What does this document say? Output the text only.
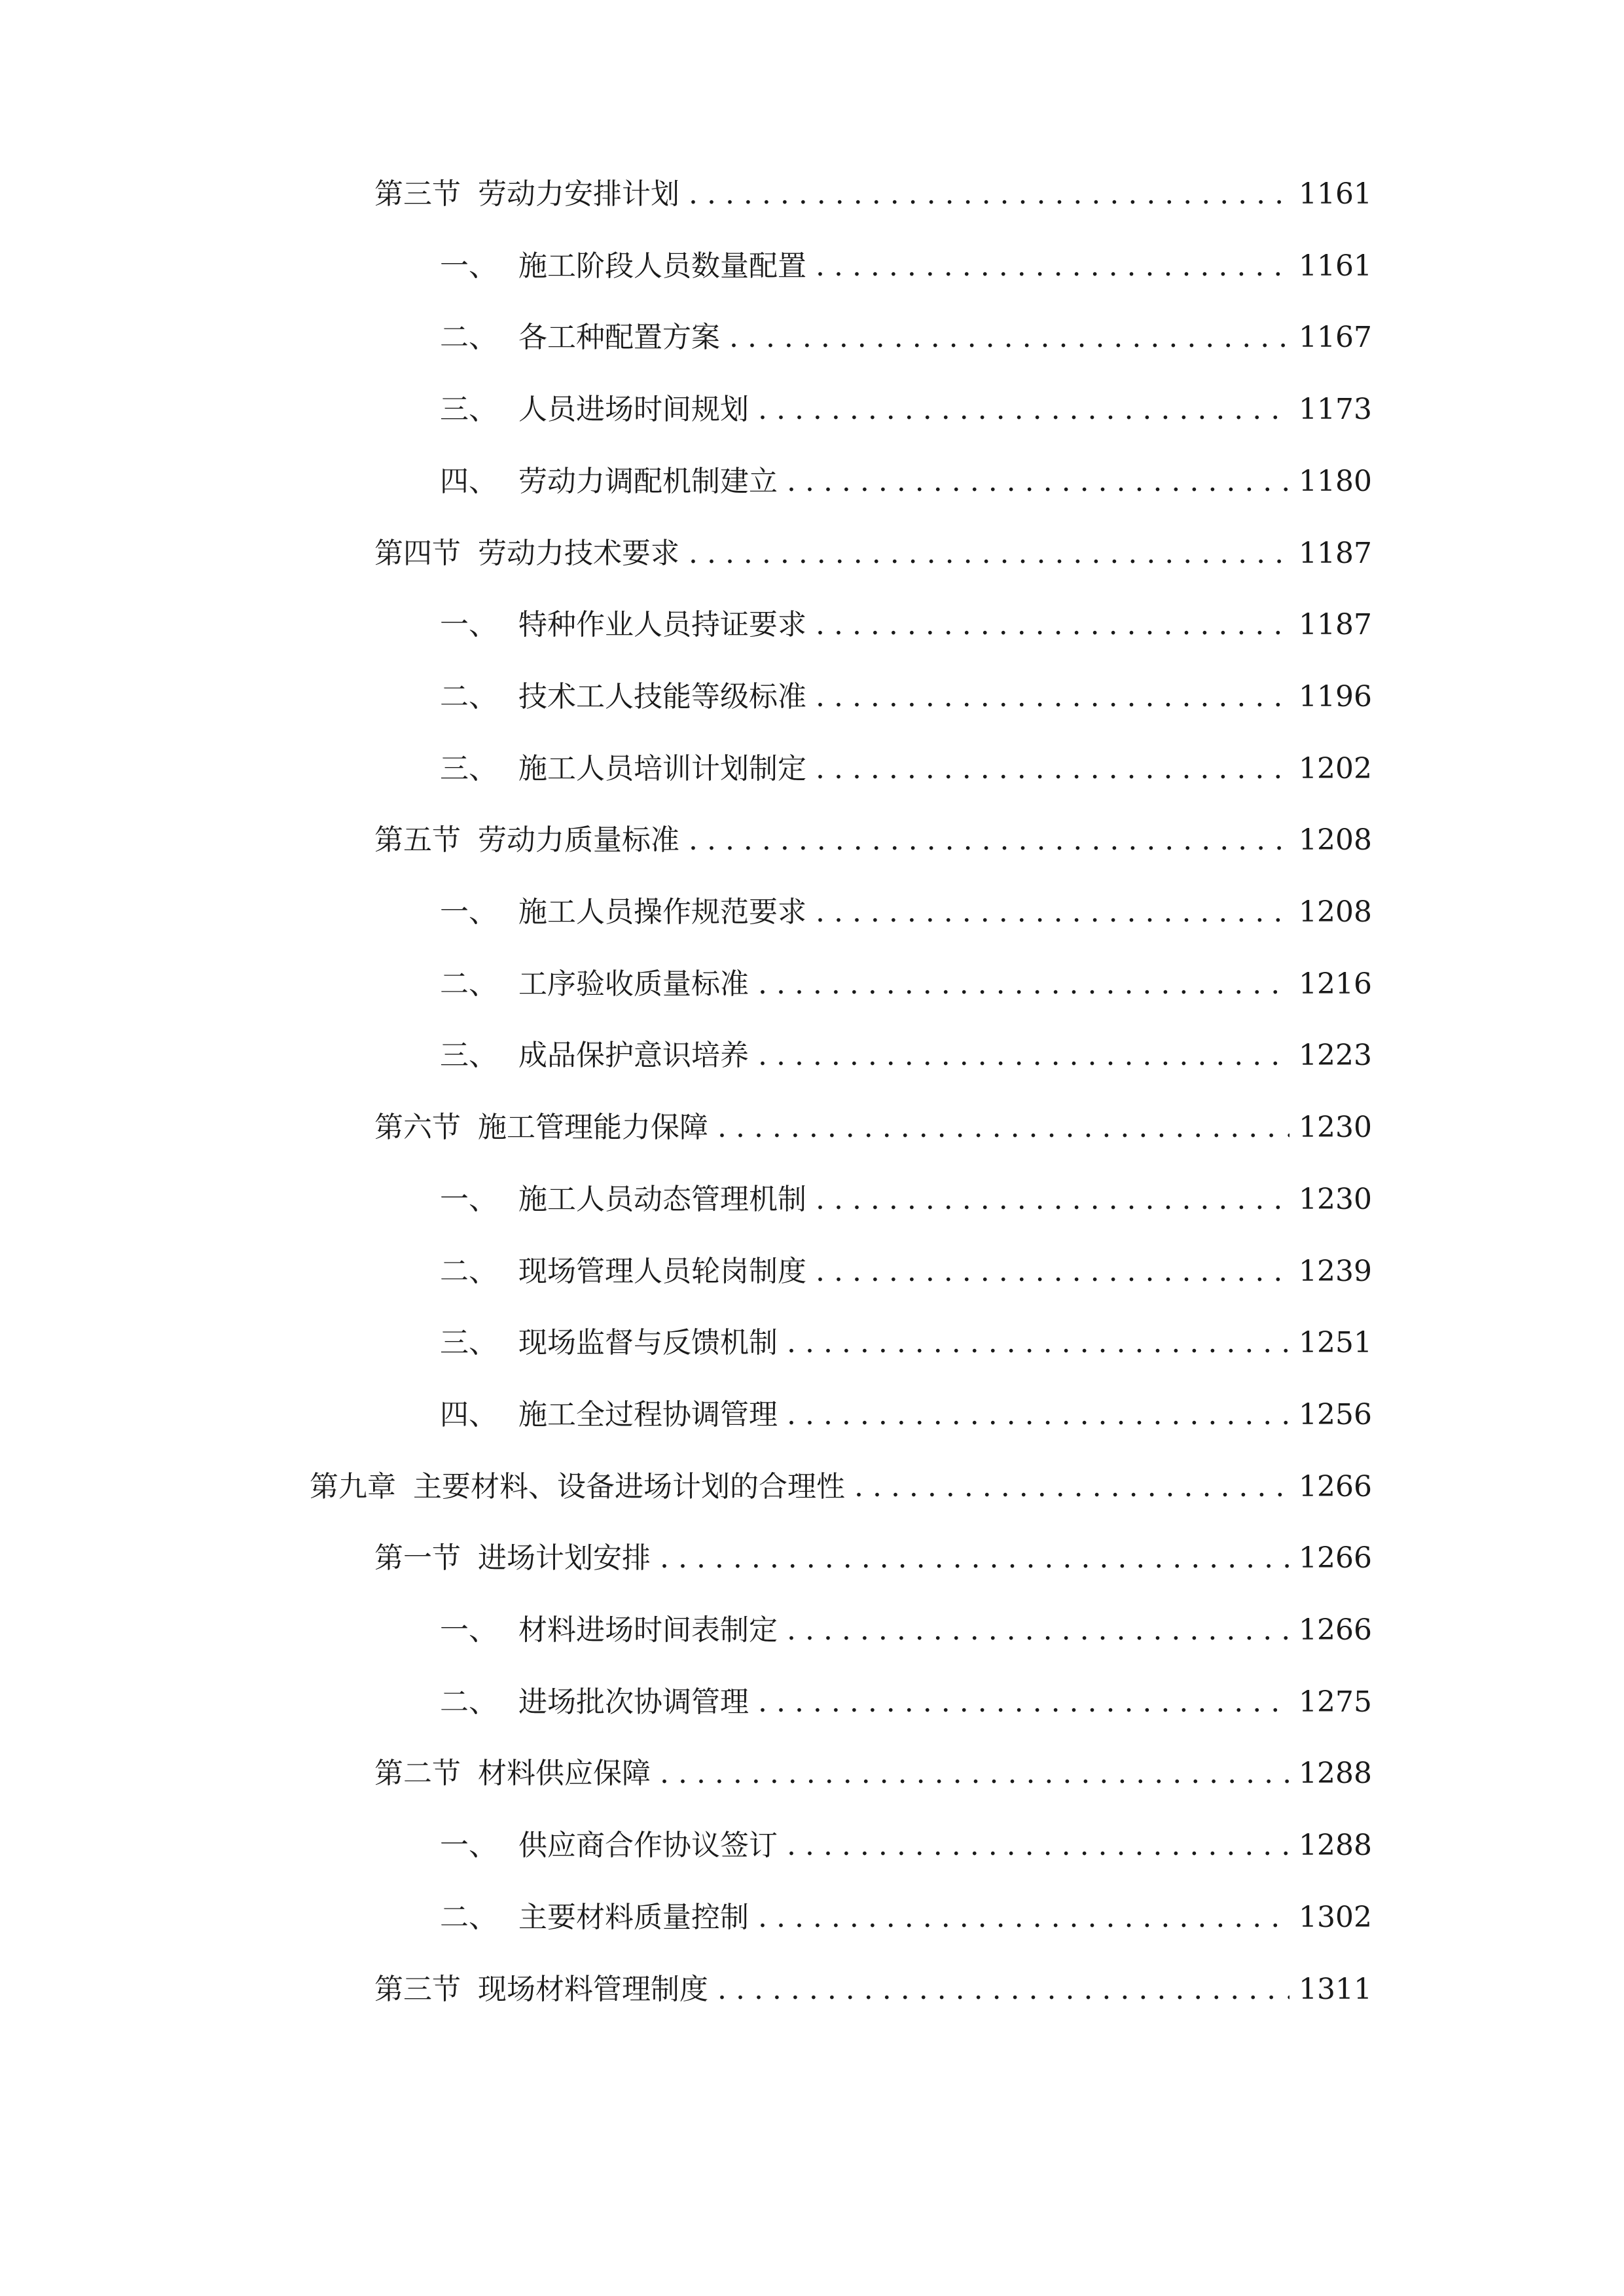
第三节 劳动力安排计划 . . .	1161
一、 施工阶段人员数量配置 . . .	1161
二、 各工种配置方案 . . .	1167
三、 人员进场时间规划 . . .	1173
四、 劳动力调配机制建立 . . .	1180
第四节 劳动力技术要求 . . .	1187
一、 特种作业人员持证要求 . . .	1187
二、 技术工人技能等级标准 . . .	1196
三、 施工人员培训计划制定 . . .	1202
第五节 劳动力质量标准 . . .	1208
一、 施工人员操作规范要求 . . .	1208
二、 工序验收质量标准 . . .	1216
三、 成品保护意识培养 . . .	1223
第六节 施工管理能力保障 . . .	1230
一、 施工人员动态管理机制 . . .	1230
二、 现场管理人员轮岗制度 . . .	1239
三、 现场监督与反馈机制 . . .	1251
四、 施工全过程协调管理 . . .	1256
第九章 主要材料、设备进场计划的合理性 . . .	1266
第一节 进场计划安排 . . .	1266
一、 材料进场时间表制定 . . .	1266
二、 进场批次协调管理 . . .	1275
第二节 材料供应保障 . . .	1288
一、 供应商合作协议签订 . . .	1288
二、 主要材料质量控制 . . .	1302
第三节 现场材料管理制度 . . .	1311
